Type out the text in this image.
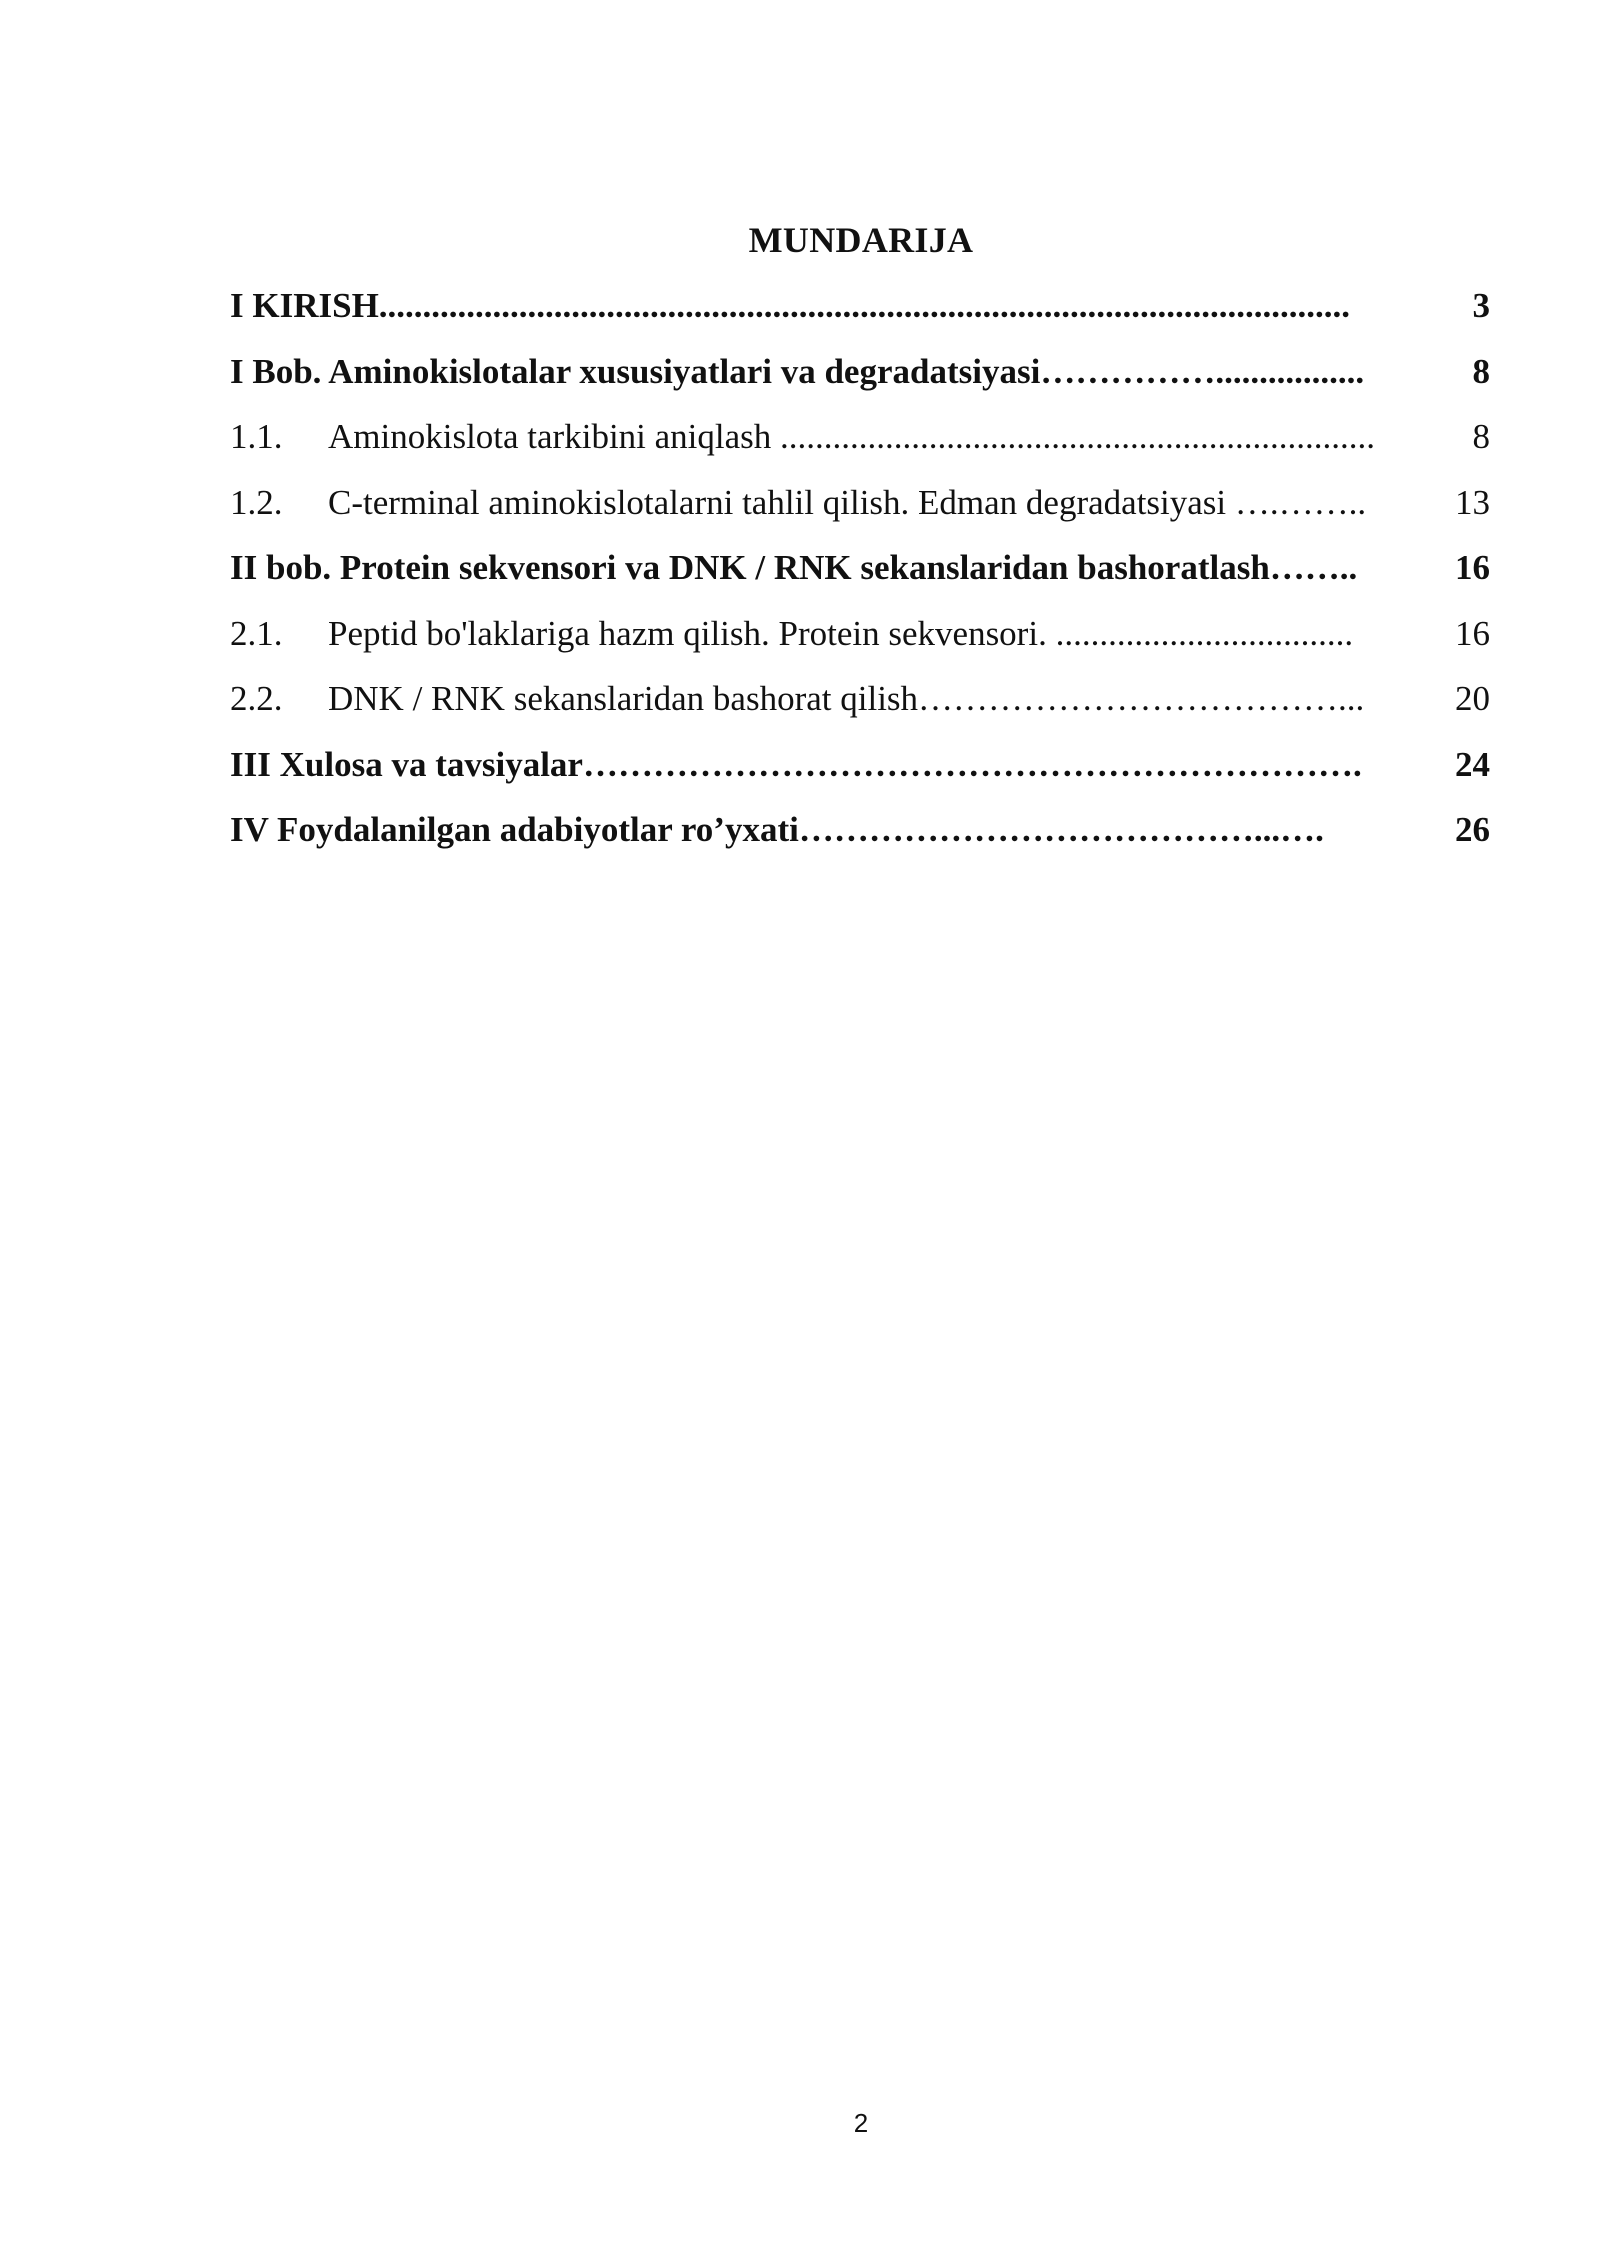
MUNDARIJA
I KIRISH...............................................................................................................	3
I Bob. Aminokislotalar xususiyatlari va degradatsiyasi…………….................	8
1.1. Aminokislota tarkibini aniqlash ....................................................................	8
1.2. C-terminal aminokislotalarni tahlil qilish. Edman degradatsiyasi ….……..	13
II bob. Protein sekvensori va DNK / RNK sekanslaridan bashoratlash……..	16
2.1. Peptid bo'laklariga hazm qilish. Protein sekvensori. ..................................	16
2.2. DNK / RNK sekanslaridan bashorat qilish………………………………...	20
III Xulosa va tavsiyalar………………………………………………………….	24
IV Foydalanilgan adabiyotlar ro’yxati…………………………………...….	26
2
